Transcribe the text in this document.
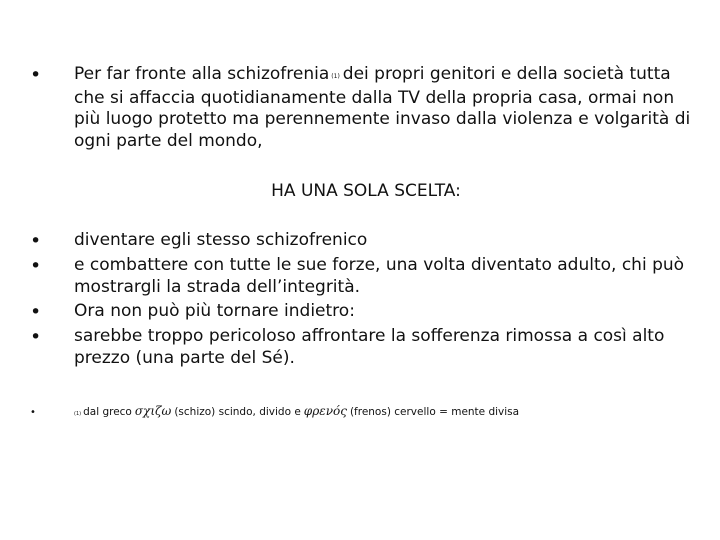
•	Per far fronte alla schizofrenia (1) dei propri genitori e della società tutta che si affaccia quotidianamente dalla TV della propria casa, ormai non più luogo protetto ma perennemente invaso dalla violenza e volgarità di ogni parte del mondo,
HA UNA SOLA SCELTA:
•	diventare egli stesso schizofrenico
•	e combattere con tutte le sue forze, una volta diventato adulto, chi può mostrargli la strada dell’integrità.
•	Ora non può più tornare indietro:
•	sarebbe troppo pericoloso affrontare la sofferenza rimossa a così alto prezzo (una parte del Sé).
•	(1) dal greco σχιζω (schizo) scindo, divido e φρενός (frenos) cervello = mente divisa
